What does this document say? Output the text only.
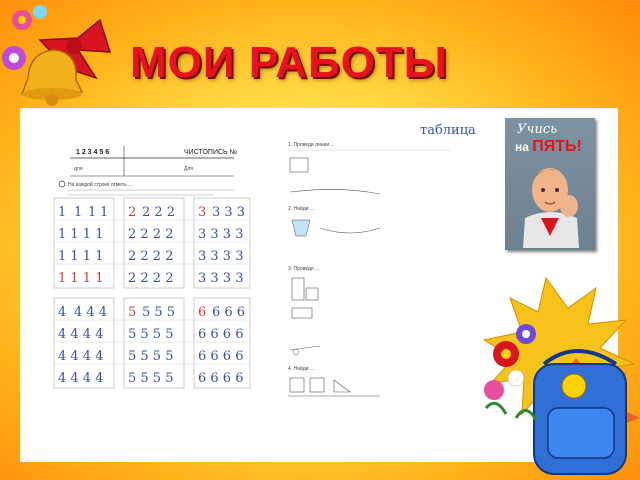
МОИ РАБОТЫ
1 2 3 4 5 6	ЧИСТОПИСЬ №
для	Для
На каждой строке отметь ...
1 1 1 1
1 1 1 1
1 1 1 1
1 1 1 1
2 2 2 2
2 2 2 2
2 2 2 2
2 2 2 2
3 3 3 3
3 3 3 3
3 3 3 3
3 3 3 3
4 4 4 4
4 4 4 4
4 4 4 4
4 4 4 4
5 5 5 5
5 5 5 5
5 5 5 5
5 5 5 5
6 6 6 6
6 6 6 6
6 6 6 6
6 6 6 6
1. Проведи линии ...
таблица
2. Найди ...
3. Проведи ...
4. Найди ...
Учись
на ПЯТЬ!
